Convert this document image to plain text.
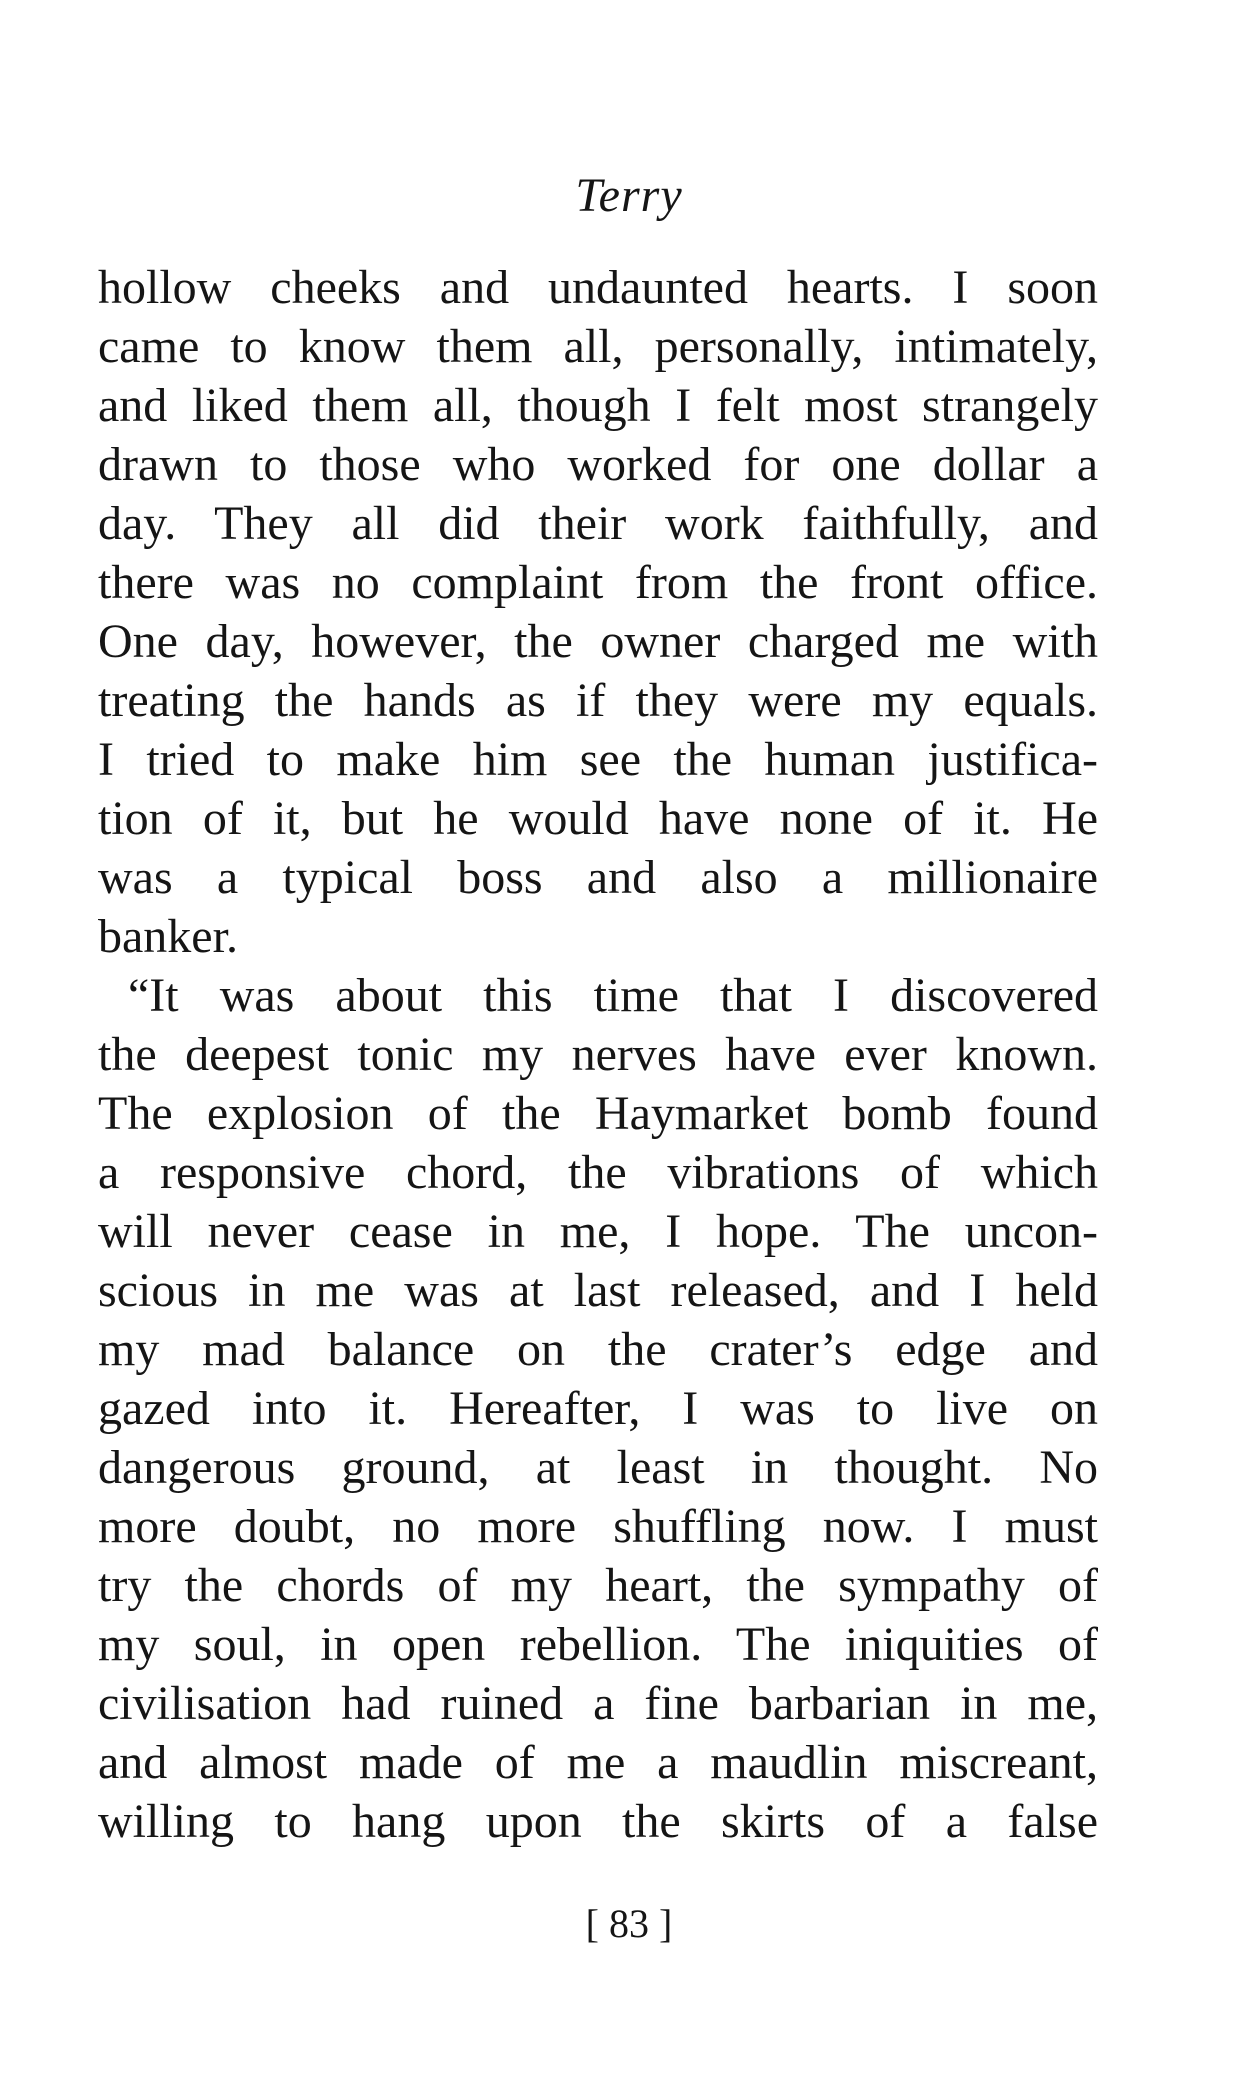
Terry
hollow cheeks and undaunted hearts. I soon
came to know them all, personally, intimately,
and liked them all, though I felt most strangely
drawn to those who worked for one dollar a
day. They all did their work faithfully, and
there was no complaint from the front office.
One day, however, the owner charged me with
treating the hands as if they were my equals.
I tried to make him see the human justifica-
tion of it, but he would have none of it. He
was a typical boss and also a millionaire
banker.
“It was about this time that I discovered
the deepest tonic my nerves have ever known.
The explosion of the Haymarket bomb found
a responsive chord, the vibrations of which
will never cease in me, I hope. The uncon-
scious in me was at last released, and I held
my mad balance on the crater’s edge and
gazed into it. Hereafter, I was to live on
dangerous ground, at least in thought. No
more doubt, no more shuffling now. I must
try the chords of my heart, the sympathy of
my soul, in open rebellion. The iniquities of
civilisation had ruined a fine barbarian in me,
and almost made of me a maudlin miscreant,
willing to hang upon the skirts of a false
[ 83 ]
